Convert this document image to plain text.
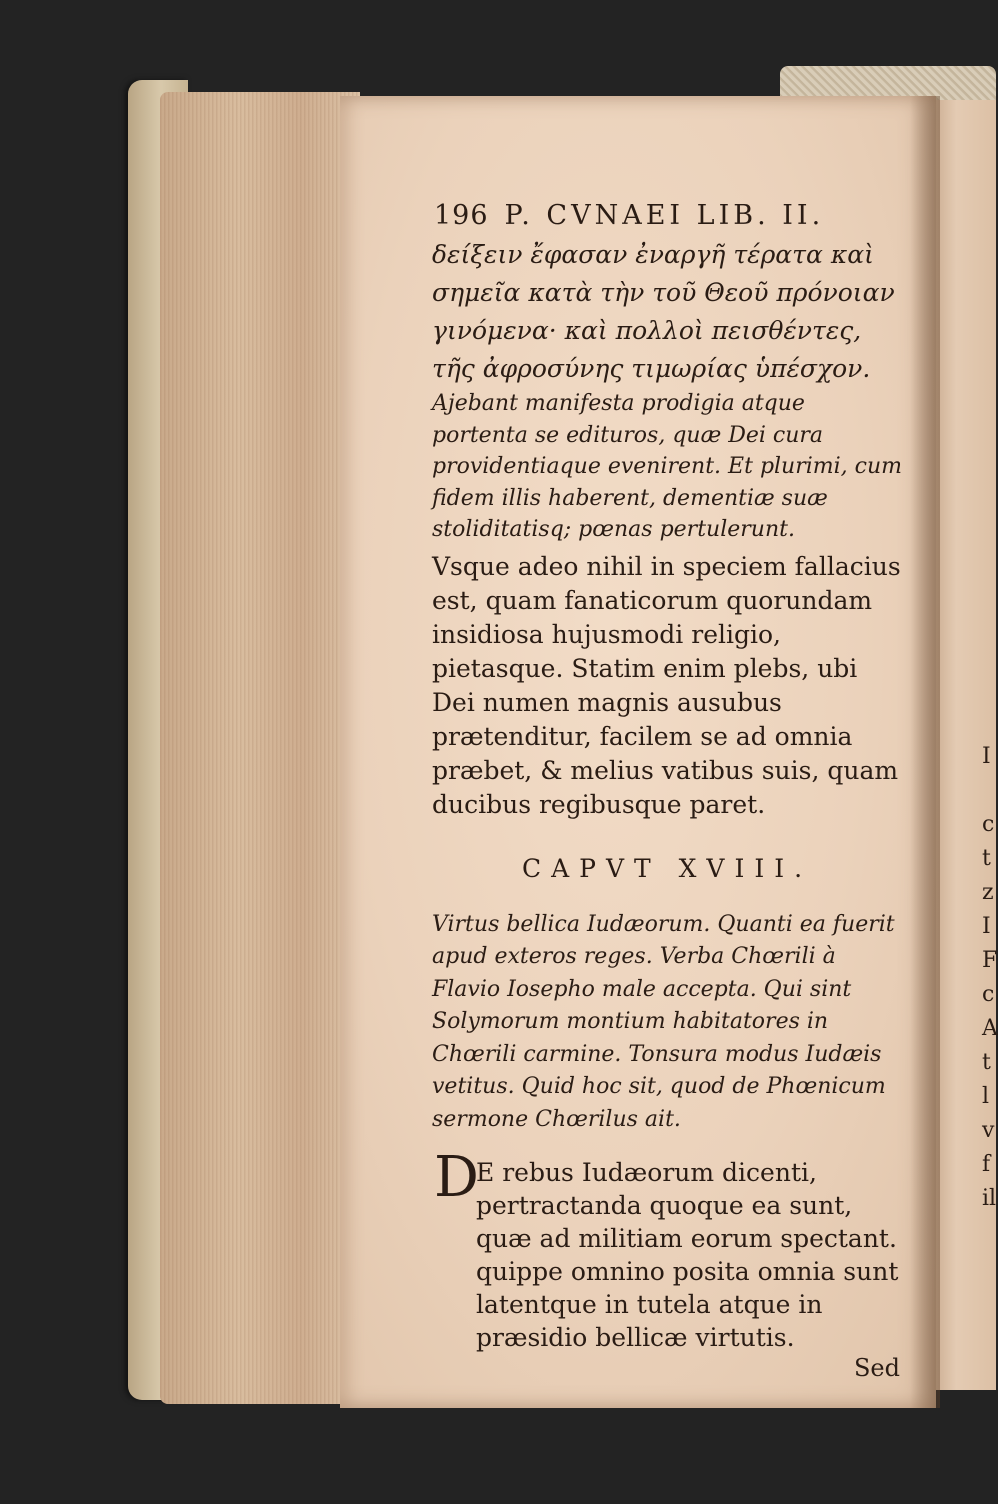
196 P. CVNAEI LIB. II.

δείξειν ἔφασαν ἐναργῆ τέρατα καὶ σημεῖα κατὰ τὴν τοῦ Θεοῦ πρόνοιαν γινόμενα· καὶ πολλοὶ πεισθέντες, τῆς ἀφροσύνης τιμωρίας ὑπέσχον.

Ajebant manifesta prodigia atque portenta se edituros, quæ Dei cura providentiaque evenirent. Et plurimi, cum fidem illis haberent, dementiæ suæ stoliditatisq; pœnas pertulerunt.

Vsque adeo nihil in speciem fallacius est, quam fanaticorum quorundam insidiosa hujusmodi religio, pietasque. Statim enim plebs, ubi Dei numen magnis ausubus prætenditur, facilem se ad omnia præbet, & melius vatibus suis, quam ducibus regibusque paret.

CAPVT XVIII.

Virtus bellica Iudæorum. Quanti ea fuerit apud exteros reges. Verba Chœrili à Flavio Iosepho male accepta. Qui sint Solymorum montium habitatores in Chœrili carmine. Tonsura modus Iudæis vetitus. Quid hoc sit, quod de Phœnicum sermone Chœrilus ait.

D
E rebus Iudæorum dicenti, pertractanda quoque ea sunt, quæ ad militiam eorum spectant. quippe omnino posita omnia sunt latentque in tutela atque in præsidio bellicæ virtutis.

Sed

I

c
t
z
I
F
c
A
t
l
v
f
il
